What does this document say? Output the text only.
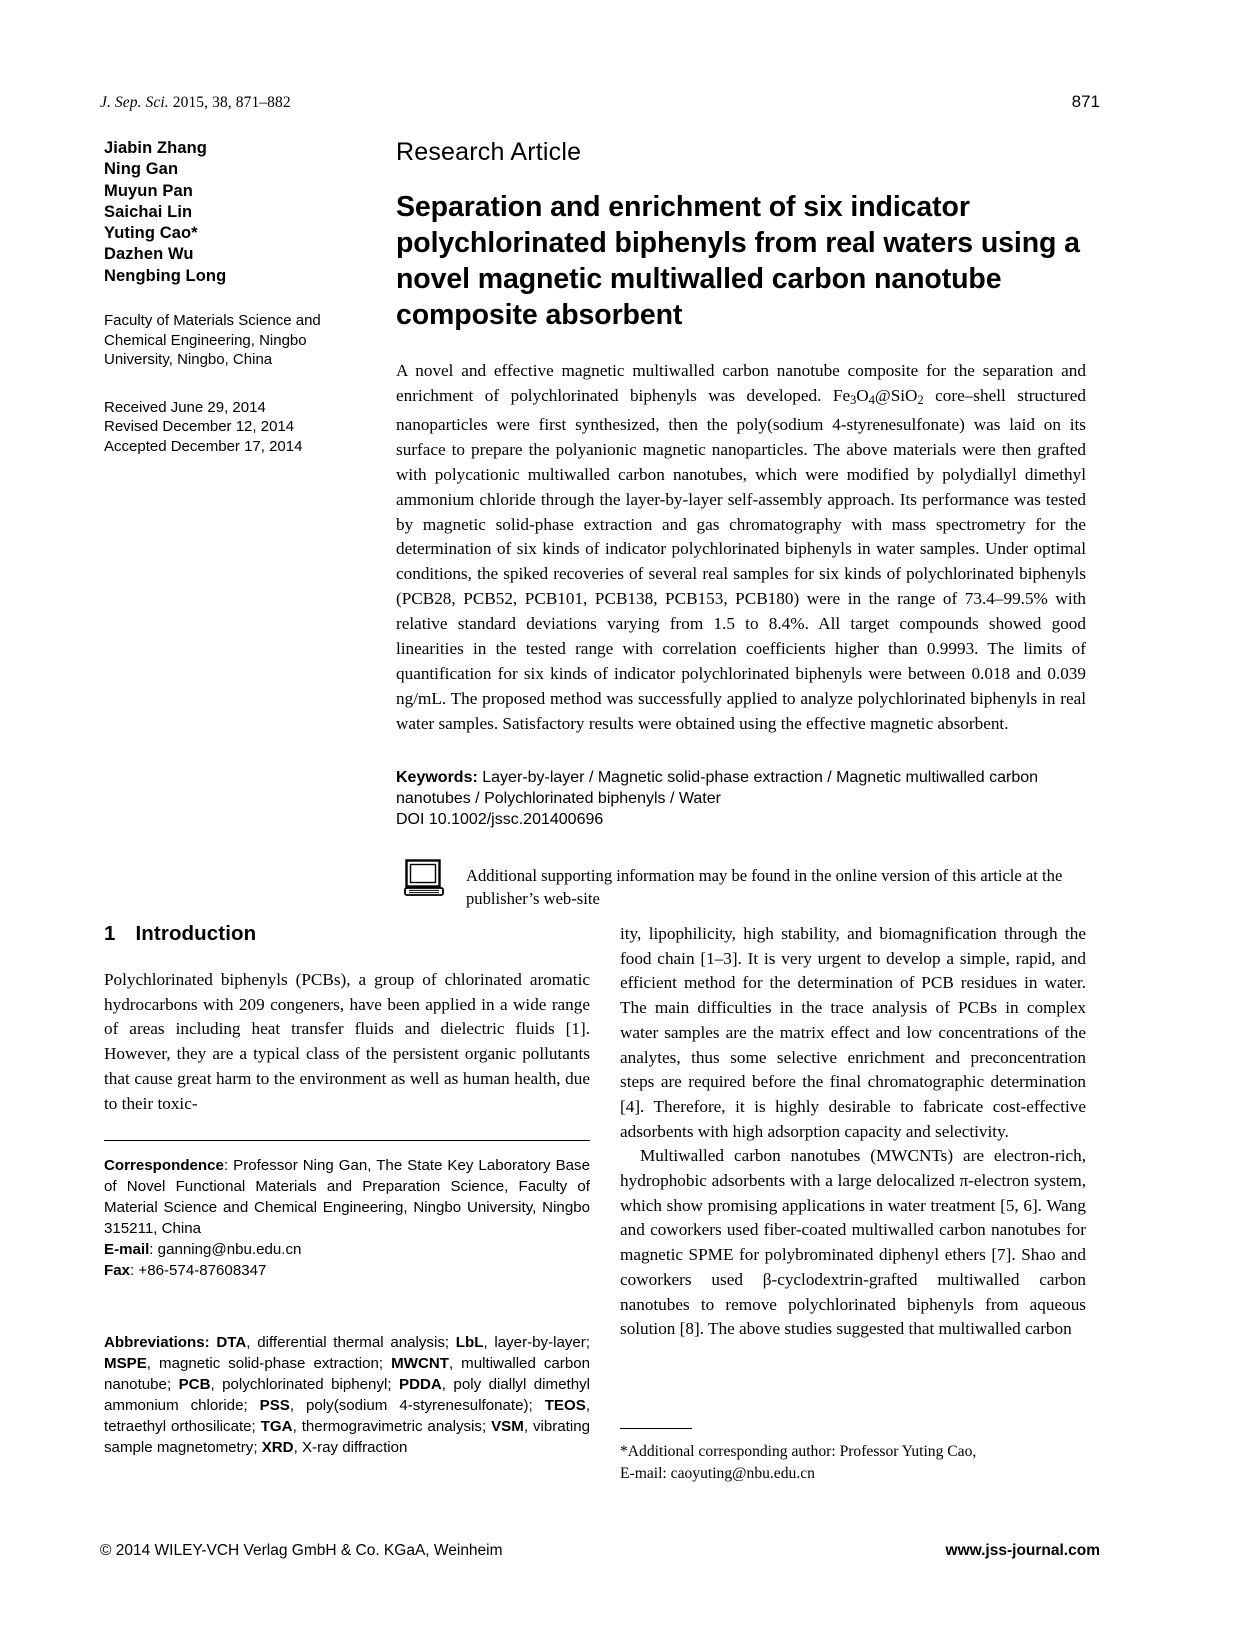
J. Sep. Sci. 2015, 38, 871–882	871
Jiabin Zhang
Ning Gan
Muyun Pan
Saichai Lin
Yuting Cao*
Dazhen Wu
Nengbing Long
Faculty of Materials Science and Chemical Engineering, Ningbo University, Ningbo, China
Received June 29, 2014
Revised December 12, 2014
Accepted December 17, 2014
Research Article
Separation and enrichment of six indicator polychlorinated biphenyls from real waters using a novel magnetic multiwalled carbon nanotube composite absorbent

A novel and effective magnetic multiwalled carbon nanotube composite for the separation and enrichment of polychlorinated biphenyls was developed. $Fe_3O_4@SiO_2$ core–shell structured nanoparticles were first synthesized, then the poly(sodium 4-styrenesulfonate) was laid on its surface to prepare the polyanionic magnetic nanoparticles. The above materials were then grafted with polycationic multiwalled carbon nanotubes, which were modified by polydiallyl dimethyl ammonium chloride through the layer-by-layer self-assembly approach. Its performance was tested by magnetic solid-phase extraction and gas chromatography with mass spectrometry for the determination of six kinds of indicator polychlorinated biphenyls in water samples. Under optimal conditions, the spiked recoveries of several real samples for six kinds of polychlorinated biphenyls (PCB28, PCB52, PCB101, PCB138, PCB153, PCB180) were in the range of 73.4–99.5% with relative standard deviations varying from 1.5 to 8.4%. All target compounds showed good linearities in the tested range with correlation coefficients higher than 0.9993. The limits of quantification for six kinds of indicator polychlorinated biphenyls were between 0.018 and 0.039 ng/mL. The proposed method was successfully applied to analyze polychlorinated biphenyls in real water samples. Satisfactory results were obtained using the effective magnetic absorbent.

Keywords: Layer-by-layer / Magnetic solid-phase extraction / Magnetic multiwalled carbon nanotubes / Polychlorinated biphenyls / Water
DOI 10.1002/jssc.201400696
Additional supporting information may be found in the online version of this article at the publisher’s web-site
1 Introduction

Polychlorinated biphenyls (PCBs), a group of chlorinated aromatic hydrocarbons with 209 congeners, have been applied in a wide range of areas including heat transfer fluids and dielectric fluids [1]. However, they are a typical class of the persistent organic pollutants that cause great harm to the environment as well as human health, due to their toxic-

ity, lipophilicity, high stability, and biomagnification through the food chain [1–3]. It is very urgent to develop a simple, rapid, and efficient method for the determination of PCB residues in water. The main difficulties in the trace analysis of PCBs in complex water samples are the matrix effect and low concentrations of the analytes, thus some selective enrichment and preconcentration steps are required before the final chromatographic determination [4]. Therefore, it is highly desirable to fabricate cost-effective adsorbents with high adsorption capacity and selectivity.

Multiwalled carbon nanotubes (MWCNTs) are electron-rich, hydrophobic adsorbents with a large delocalized π-electron system, which show promising applications in water treatment [5, 6]. Wang and coworkers used fiber-coated multiwalled carbon nanotubes for magnetic SPME for polybrominated diphenyl ethers [7]. Shao and coworkers used β-cyclodextrin-grafted multiwalled carbon nanotubes to remove polychlorinated biphenyls from aqueous solution [8]. The above studies suggested that multiwalled carbon

Correspondence: Professor Ning Gan, The State Key Laboratory Base of Novel Functional Materials and Preparation Science, Faculty of Material Science and Chemical Engineering, Ningbo University, Ningbo 315211, China
E-mail: ganning@nbu.edu.cn
Fax: +86-574-87608347
Abbreviations: DTA, differential thermal analysis; LbL, layer-by-layer; MSPE, magnetic solid-phase extraction; MWCNT, multiwalled carbon nanotube; PCB, polychlorinated biphenyl; PDDA, poly diallyl dimethyl ammonium chloride; PSS, poly(sodium 4-styrenesulfonate); TEOS, tetraethyl orthosilicate; TGA, thermogravimetric analysis; VSM, vibrating sample magnetometry; XRD, X-ray diffraction	*Additional corresponding author: Professor Yuting Cao,
E-mail: caoyuting@nbu.edu.cn
© 2014 WILEY-VCH Verlag GmbH & Co. KGaA, Weinheim	www.jss-journal.com
